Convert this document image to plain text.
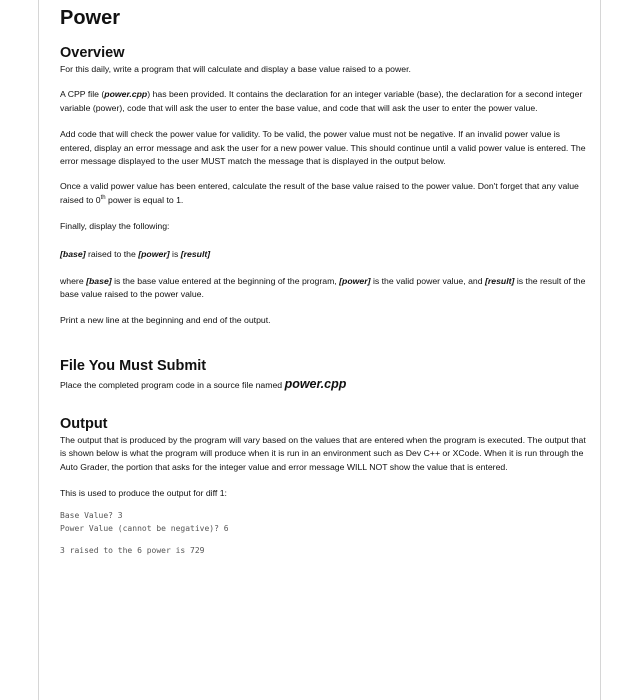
Power
Overview

For this daily, write a program that will calculate and display a base value raised to a power.

A CPP file (power.cpp) has been provided. It contains the declaration for an integer variable (base), the declaration for a second integer variable (power), code that will ask the user to enter the base value, and code that will ask the user to enter the power value.

Add code that will check the power value for validity. To be valid, the power value must not be negative. If an invalid power value is entered, display an error message and ask the user for a new power value. This should continue until a valid power value is entered. The error message displayed to the user MUST match the message that is displayed in the output below.

Once a valid power value has been entered, calculate the result of the base value raised to the power value. Don't forget that any value raised to 0th power is equal to 1.

Finally, display the following:

[base] raised to the [power] is [result]

where [base] is the base value entered at the beginning of the program, [power] is the valid power value, and [result] is the result of the base value raised to the power value.

Print a new line at the beginning and end of the output.

File You Must Submit

Place the completed program code in a source file named power.cpp

Output

The output that is produced by the program will vary based on the values that are entered when the program is executed. The output that is shown below is what the program will produce when it is run in an environment such as Dev C++ or XCode. When it is run through the Auto Grader, the portion that asks for the integer value and error message WILL NOT show the value that is entered.

This is used to produce the output for diff 1:

Base Value? 3
Power Value (cannot be negative)? 6
3 raised to the 6 power is 729
